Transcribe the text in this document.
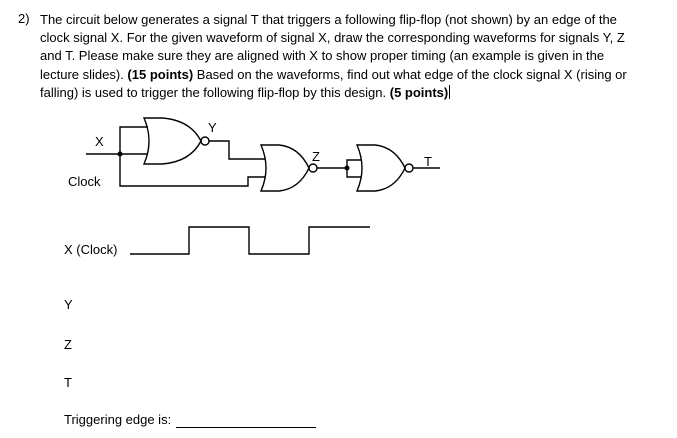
2) The circuit below generates a signal T that triggers a following flip-flop (not shown) by an edge of the
clock signal X. For the given waveform of signal X, draw the corresponding waveforms for signals Y, Z
and T. Please make sure they are aligned with X to show proper timing (an example is given in the
lecture slides). (15 points) Based on the waveforms, find out what edge of the clock signal X (rising or
falling) is used to trigger the following flip-flop by this design. (5 points)
X
Y
Z	T
Clock
X (Clock)
Y
Z
T
Triggering edge is:
